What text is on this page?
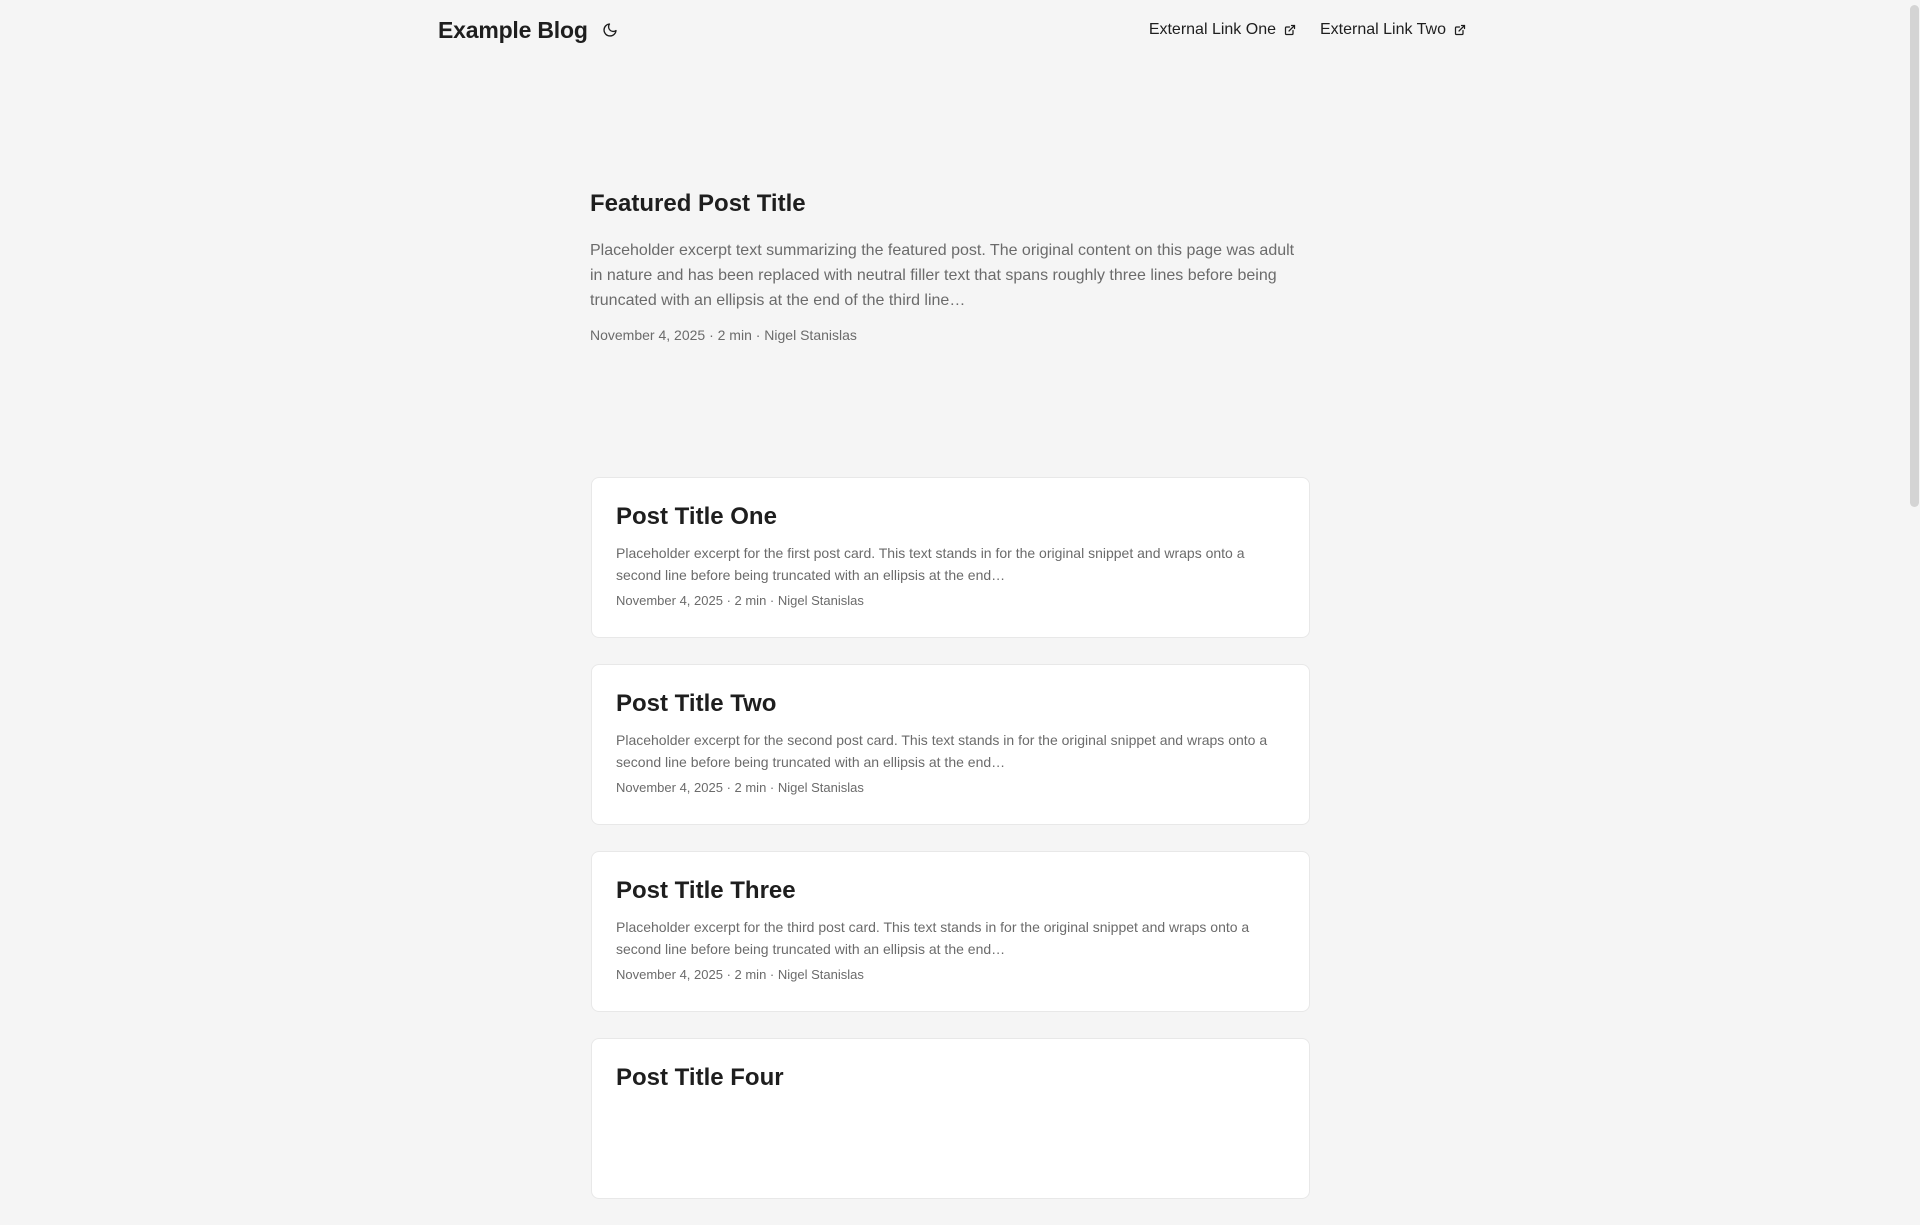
Example Blog	External Link One	External Link Two
Featured Post Title

Placeholder excerpt text summarizing the featured post. The original content on this page was adult in nature and has been replaced with neutral filler text that spans roughly three lines before being truncated with an ellipsis at the end of the third line…

November 4, 2025 · 2 min · Nigel Stanislas
Post Title One

Placeholder excerpt for the first post card. This text stands in for the original snippet and wraps onto a second line before being truncated with an ellipsis at the end…

November 4, 2025 · 2 min · Nigel Stanislas
Post Title Two

Placeholder excerpt for the second post card. This text stands in for the original snippet and wraps onto a second line before being truncated with an ellipsis at the end…

November 4, 2025 · 2 min · Nigel Stanislas
Post Title Three

Placeholder excerpt for the third post card. This text stands in for the original snippet and wraps onto a second line before being truncated with an ellipsis at the end…

November 4, 2025 · 2 min · Nigel Stanislas
Post Title Four
